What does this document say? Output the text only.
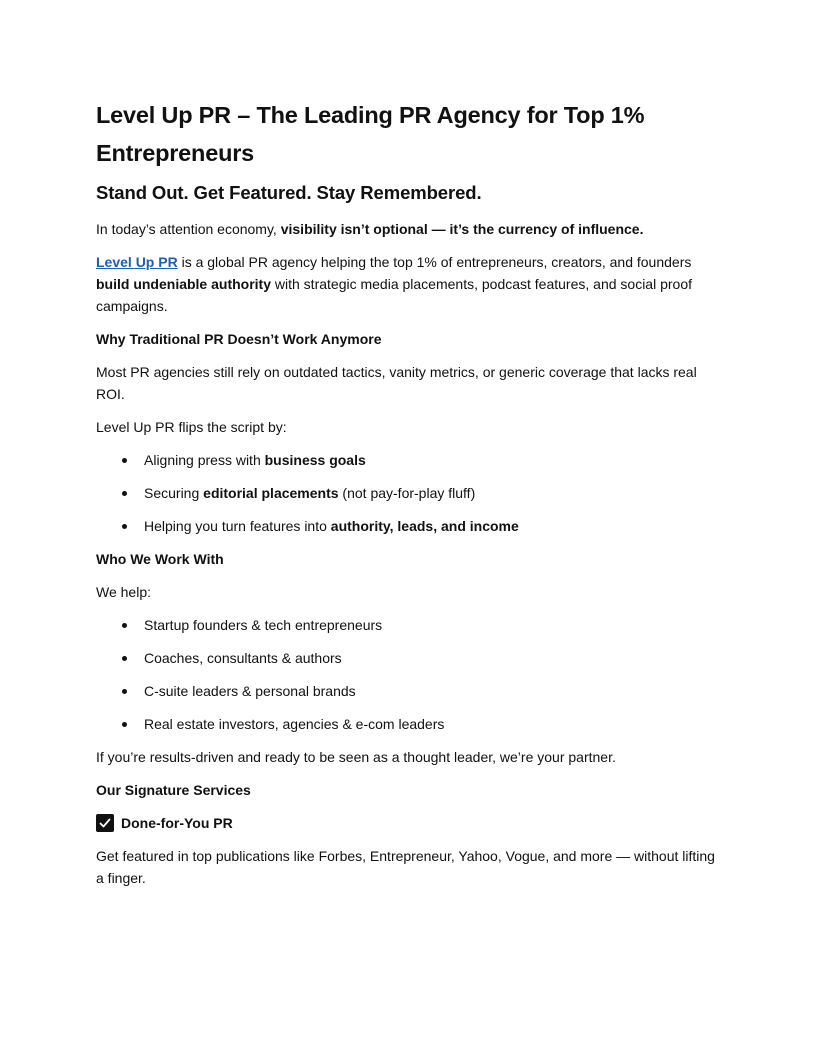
Level Up PR – The Leading PR Agency for Top 1% Entrepreneurs
Stand Out. Get Featured. Stay Remembered.

In today’s attention economy, visibility isn’t optional — it’s the currency of influence.

Level Up PR is a global PR agency helping the top 1% of entrepreneurs, creators, and founders build undeniable authority with strategic media placements, podcast features, and social proof campaigns.

Why Traditional PR Doesn’t Work Anymore

Most PR agencies still rely on outdated tactics, vanity metrics, or generic coverage that lacks real ROI.

Level Up PR flips the script by:

Aligning press with business goals
Securing editorial placements (not pay-for-play fluff)
Helping you turn features into authority, leads, and income
Who We Work With

We help:

Startup founders & tech entrepreneurs
Coaches, consultants & authors
C-suite leaders & personal brands
Real estate investors, agencies & e-com leaders

If you’re results-driven and ready to be seen as a thought leader, we’re your partner.

Our Signature Services
Done-for-You PR

Get featured in top publications like Forbes, Entrepreneur, Yahoo, Vogue, and more — without lifting a finger.
